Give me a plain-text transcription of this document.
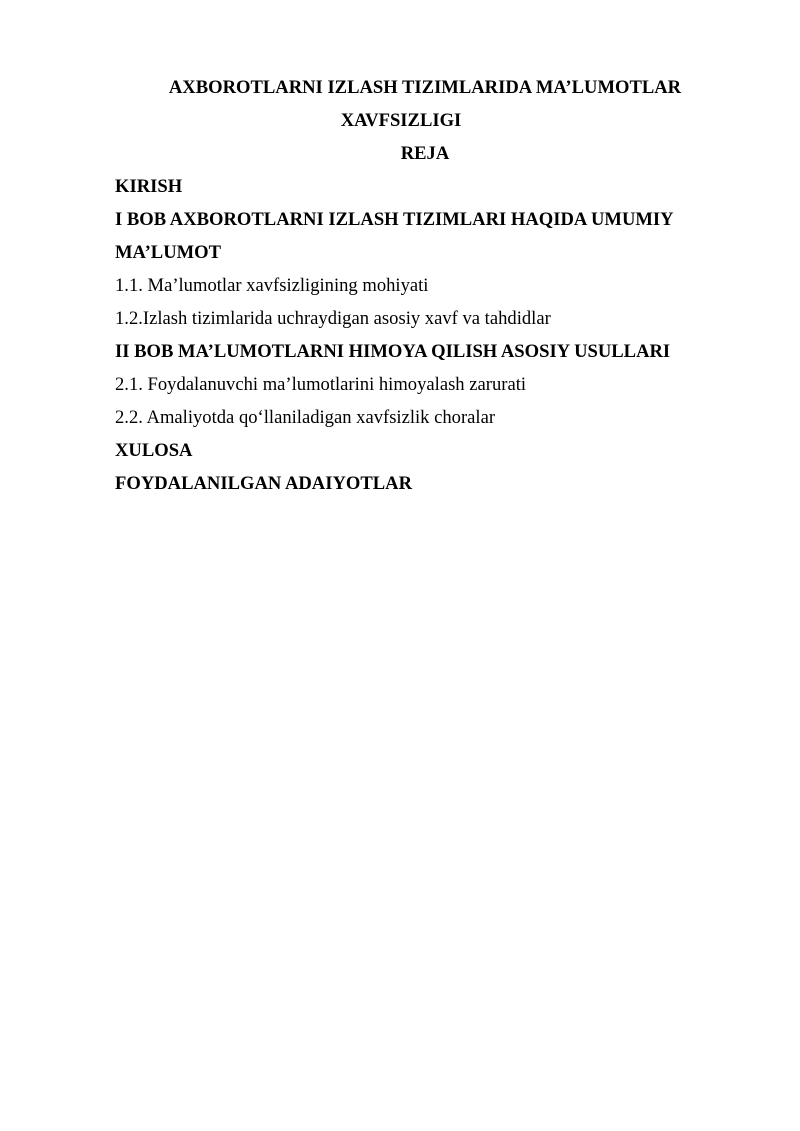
AXBOROTLARNI IZLASH TIZIMLARIDA MA’LUMOTLAR XAVFSIZLIGI
REJA
KIRISH
I BOB AXBOROTLARNI IZLASH TIZIMLARI HAQIDA UMUMIY MA’LUMOT
1.1. Ma’lumotlar xavfsizligining mohiyati
1.2.Izlash tizimlarida uchraydigan asosiy xavf va tahdidlar
II BOB MA’LUMOTLARNI HIMOYA QILISH ASOSIY USULLARI
2.1. Foydalanuvchi ma’lumotlarini himoyalash zarurati
2.2. Amaliyotda qo‘llaniladigan xavfsizlik choralar
XULOSA
FOYDALANILGAN ADAIYOTLAR
